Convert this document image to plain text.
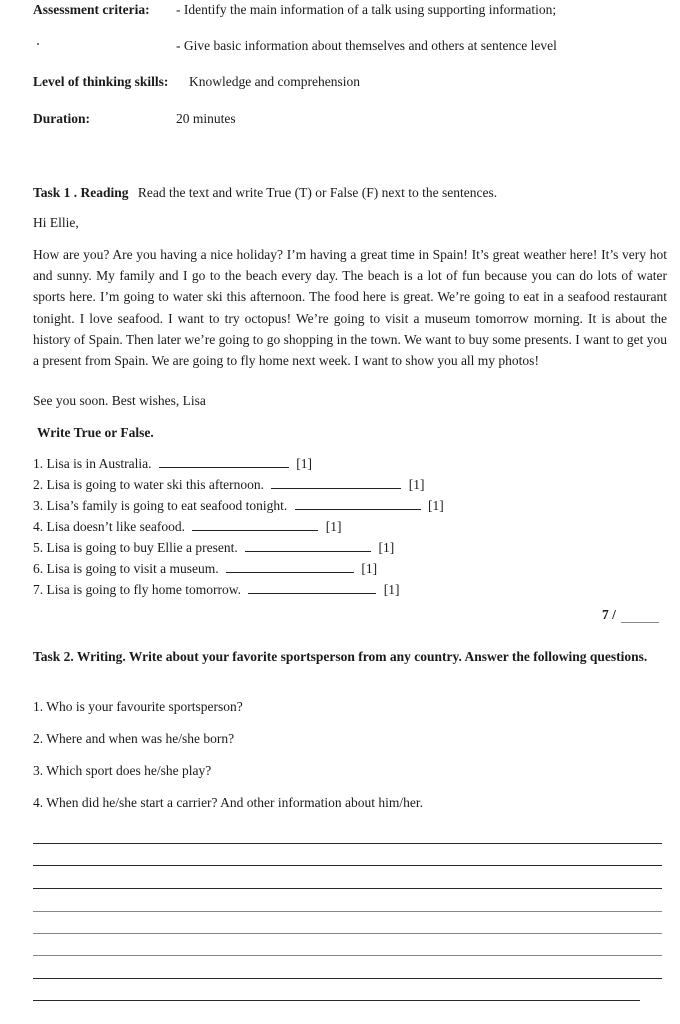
Assessment criteria: - Identify the main information of a talk using supporting information;
- Give basic information about themselves and others at sentence level
Level of thinking skills: Knowledge and comprehension
Duration:	20 minutes
Task 1 . Reading Read the text and write True (T) or False (F) next to the sentences.
Hi Ellie,
How are you? Are you having a nice holiday? I’m having a great time in Spain! It’s great weather here! It’s very hot and sunny. My family and I go to the beach every day. The beach is a lot of fun because you can do lots of water sports here. I’m going to water ski this afternoon. The food here is great. We’re going to eat in a seafood restaurant tonight. I love seafood. I want to try octopus! We’re going to visit a museum tomorrow morning. It is about the history of Spain. Then later we’re going to go shopping in the town. We want to buy some presents. I want to get you a present from Spain. We are going to fly home next week. I want to show you all my photos!
See you soon. Best wishes, Lisa
Write True or False.
1. Lisa is in Australia.	[1]
2. Lisa is going to water ski this afternoon.	[1]
3. Lisa’s family is going to eat seafood tonight.	[1]
4. Lisa doesn’t like seafood.	[1]
5. Lisa is going to buy Ellie a present.	[1]
6. Lisa is going to visit a museum.	[1]
7. Lisa is going to fly home tomorrow.	[1]
7 /
Task 2. Writing. Write about your favorite sportsperson from any country. Answer the following questions.
1. Who is your favourite sportsperson?
2. Where and when was he/she born?
3. Which sport does he/she play?
4. When did he/she start a carrier? And other information about him/her.
